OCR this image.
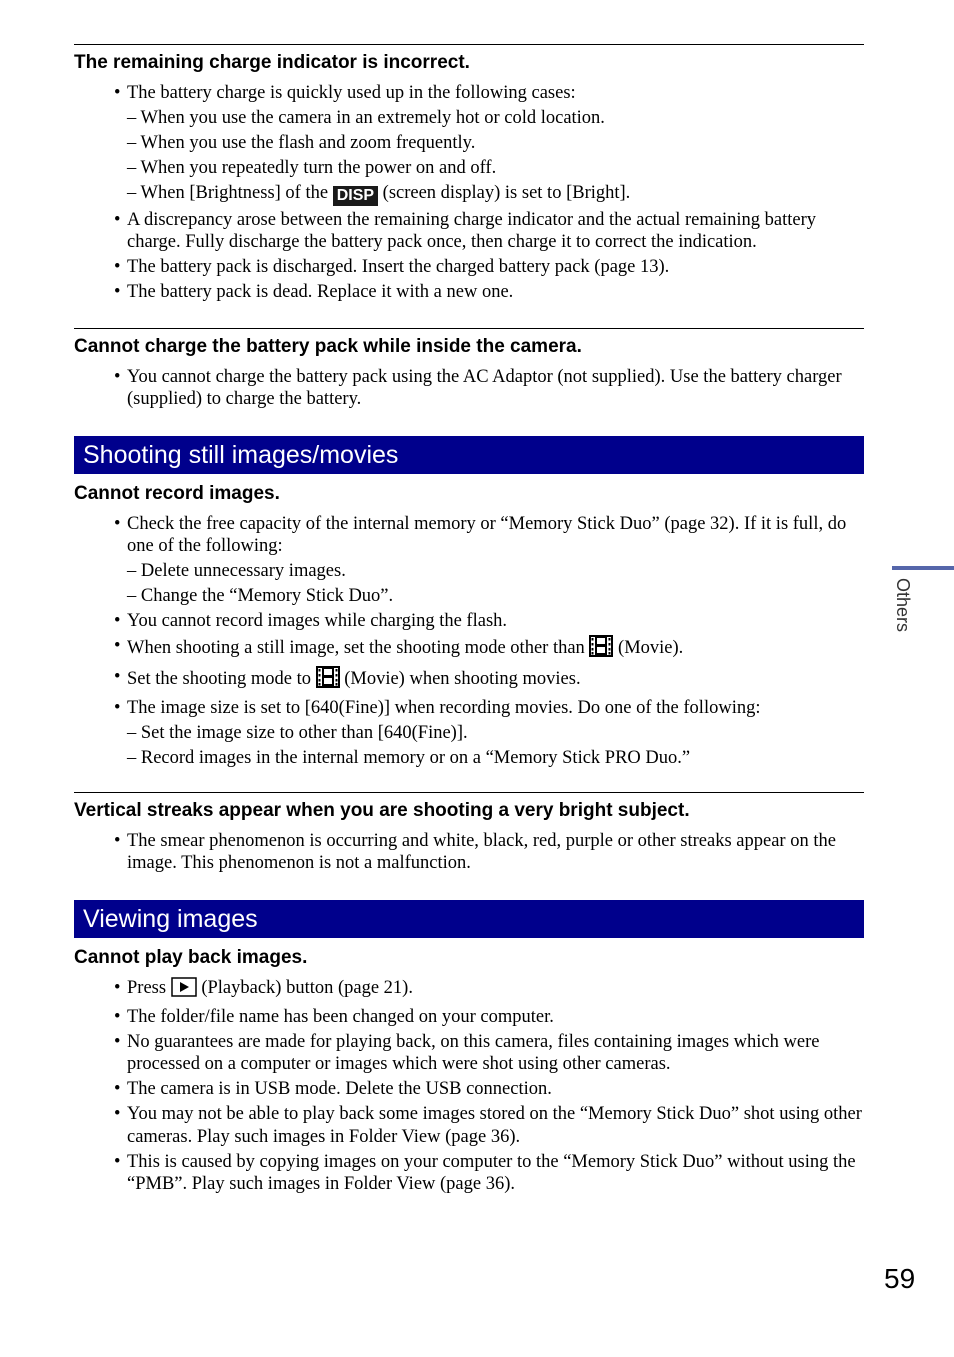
The remaining charge indicator is incorrect.
• The battery charge is quickly used up in the following cases:
– When you use the camera in an extremely hot or cold location.
– When you use the flash and zoom frequently.
– When you repeatedly turn the power on and off.
– When [Brightness] of the DISP (screen display) is set to [Bright].
• A discrepancy arose between the remaining charge indicator and the actual remaining battery charge. Fully discharge the battery pack once, then charge it to correct the indication.
• The battery pack is discharged. Insert the charged battery pack (page 13).
• The battery pack is dead. Replace it with a new one.
Cannot charge the battery pack while inside the camera.
• You cannot charge the battery pack using the AC Adaptor (not supplied). Use the battery charger (supplied) to charge the battery.
Shooting still images/movies
Cannot record images.
• Check the free capacity of the internal memory or “Memory Stick Duo” (page 32). If it is full, do one of the following:
– Delete unnecessary images.
– Change the “Memory Stick Duo”.
• You cannot record images while charging the flash.
• When shooting a still image, set the shooting mode other than (Movie).
• Set the shooting mode to (Movie) when shooting movies.
• The image size is set to [640(Fine)] when recording movies. Do one of the following:
– Set the image size to other than [640(Fine)].
– Record images in the internal memory or on a “Memory Stick PRO Duo.”
Vertical streaks appear when you are shooting a very bright subject.
• The smear phenomenon is occurring and white, black, red, purple or other streaks appear on the image. This phenomenon is not a malfunction.
Viewing images
Cannot play back images.
• Press (Playback) button (page 21).
• The folder/file name has been changed on your computer.
• No guarantees are made for playing back, on this camera, files containing images which were processed on a computer or images which were shot using other cameras.
• The camera is in USB mode. Delete the USB connection.
• You may not be able to play back some images stored on the “Memory Stick Duo” shot using other cameras. Play such images in Folder View (page 36).
• This is caused by copying images on your computer to the “Memory Stick Duo” without using the “PMB”. Play such images in Folder View (page 36).
Others
59
